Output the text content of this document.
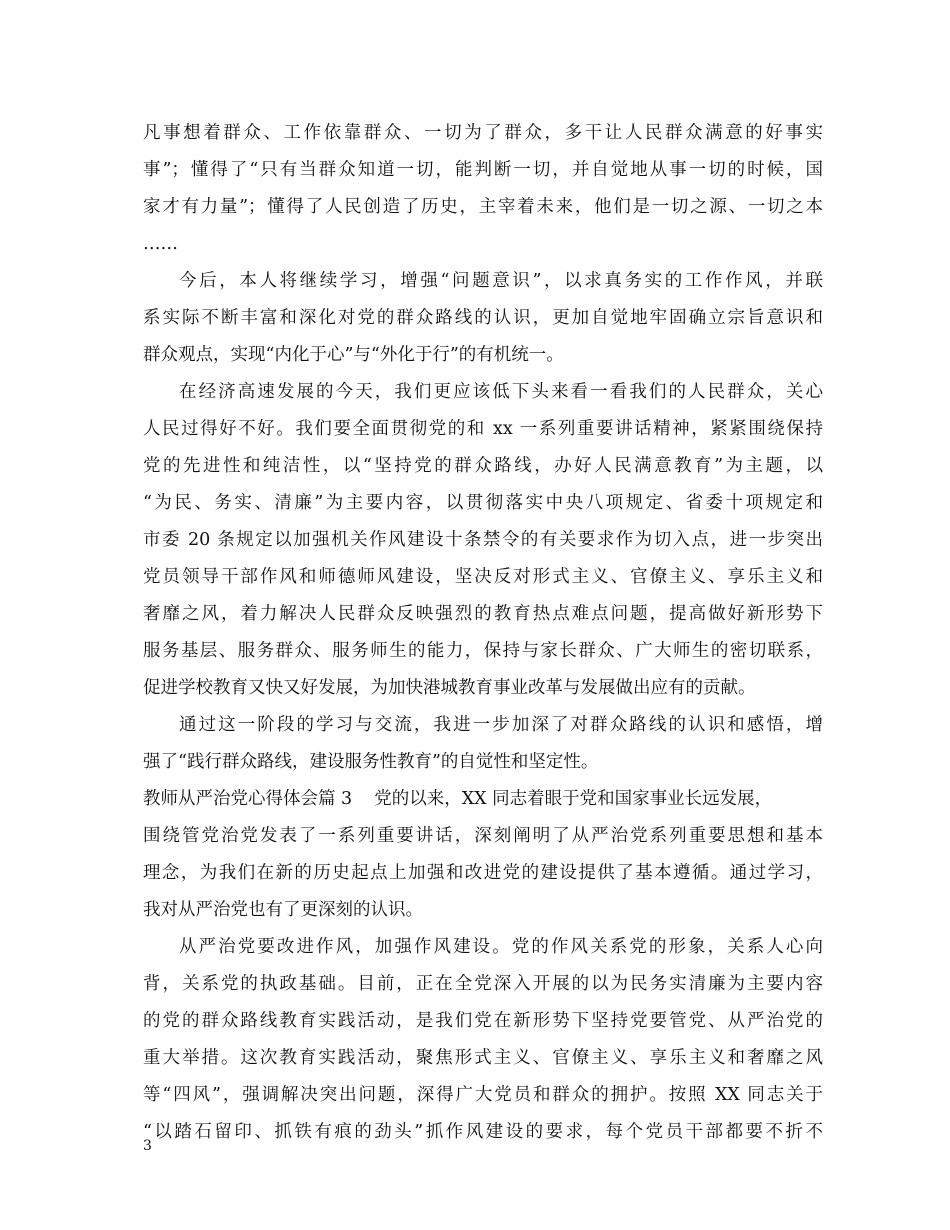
凡事想着群众、工作依靠群众、一切为了群众，多干让人民群众满意的好事实
事”；懂得了“只有当群众知道一切，能判断一切，并自觉地从事一切的时候，国
家才有力量”；懂得了人民创造了历史，主宰着未来，他们是一切之源、一切之本
……
今后，本人将继续学习，增强“问题意识”，以求真务实的工作作风，并联
系实际不断丰富和深化对党的群众路线的认识，更加自觉地牢固确立宗旨意识和
群众观点，实现“内化于心”与“外化于行”的有机统一。
在经济高速发展的今天，我们更应该低下头来看一看我们的人民群众，关心
人民过得好不好。我们要全面贯彻党的和 xx 一系列重要讲话精神，紧紧围绕保持
党的先进性和纯洁性，以“坚持党的群众路线，办好人民满意教育”为主题，以
“为民、务实、清廉”为主要内容，以贯彻落实中央八项规定、省委十项规定和
市委 20 条规定以加强机关作风建设十条禁令的有关要求作为切入点，进一步突出
党员领导干部作风和师德师风建设，坚决反对形式主义、官僚主义、享乐主义和
奢靡之风，着力解决人民群众反映强烈的教育热点难点问题，提高做好新形势下
服务基层、服务群众、服务师生的能力，保持与家长群众、广大师生的密切联系，
促进学校教育又快又好发展，为加快港城教育事业改革与发展做出应有的贡献。
通过这一阶段的学习与交流，我进一步加深了对群众路线的认识和感悟，增
强了“践行群众路线，建设服务性教育”的自觉性和坚定性。
教师从严治党心得体会篇 3 党的以来，XX 同志着眼于党和国家事业长远发展，
围绕管党治党发表了一系列重要讲话，深刻阐明了从严治党系列重要思想和基本
理念，为我们在新的历史起点上加强和改进党的建设提供了基本遵循。通过学习，
我对从严治党也有了更深刻的认识。
从严治党要改进作风，加强作风建设。党的作风关系党的形象，关系人心向
背，关系党的执政基础。目前，正在全党深入开展的以为民务实清廉为主要内容
的党的群众路线教育实践活动，是我们党在新形势下坚持党要管党、从严治党的
重大举措。这次教育实践活动，聚焦形式主义、官僚主义、享乐主义和奢靡之风
等“四风”，强调解决突出问题，深得广大党员和群众的拥护。按照 XX 同志关于
“以踏石留印、抓铁有痕的劲头”抓作风建设的要求，每个党员干部都要不折不
3
